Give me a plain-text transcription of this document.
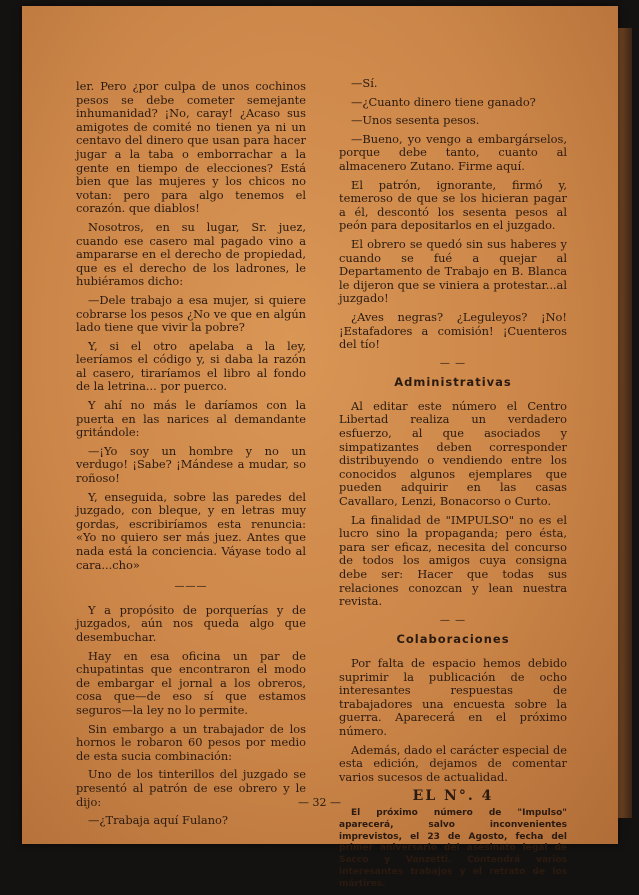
ler. Pero ¿por culpa de unos cochinos pesos se debe cometer semejante inhumanidad? ¡No, caray! ¿Acaso sus amigotes de comité no tienen ya ni un centavo del dinero que usan para hacer jugar a la taba o emborrachar a la gente en tiempo de elecciones? Está bien que las mujeres y los chicos no votan: pero para algo tenemos el corazón. que diablos!

Nosotros, en su lugar, Sr. juez, cuando ese casero mal pagado vino a ampararse en el derecho de propiedad, que es el derecho de los ladrones, le hubiéramos dicho:

—Dele trabajo a esa mujer, si quiere cobrarse los pesos ¿No ve que en algún lado tiene que vivir la pobre?

Y, si el otro apelaba a la ley, leeríamos el código y, si daba la razón al casero, tiraríamos el libro al fondo de la letrina... por puerco.

Y ahí no más le daríamos con la puerta en las narices al demandante gritándole:

—¡Yo soy un hombre y no un verdugo! ¡Sabe? ¡Mándese a mudar, so roñoso!

Y, enseguida, sobre las paredes del juzgado, con bleque, y en letras muy gordas, escribiríamos esta renuncia: «Yo no quiero ser más juez. Antes que nada está la conciencia. Váyase todo al cara...cho»

———

Y a propósito de porquerías y de juzgados, aún nos queda algo que desembuchar.

Hay en esa oficina un par de chupatintas que encontraron el modo de embargar el jornal a los obreros, cosa que—de eso sí que estamos seguros—la ley no lo permite.

Sin embargo a un trabajador de los hornos le robaron 60 pesos por medio de esta sucia combinación:

Uno de los tinterillos del juzgado se presentó al patrón de ese obrero y le dijo:

—¿Trabaja aquí Fulano?

—Sí.

—¿Cuanto dinero tiene ganado?

—Unos sesenta pesos.

—Bueno, yo vengo a embargárselos, porque debe tanto, cuanto al almacenero Zutano. Firme aquí.

El patrón, ignorante, firmó y, temeroso de que se los hicieran pagar a él, descontó los sesenta pesos al peón para depositarlos en el juzgado.

El obrero se quedó sin sus haberes y cuando se fué a quejar al Departamento de Trabajo en B. Blanca le dijeron que se viniera a protestar...al juzgado!

¿Aves negras? ¿Leguleyos? ¡No! ¡Estafadores a comisión! ¡Cuenteros del tío!

— —
Administrativas

Al editar este número el Centro Libertad realiza un verdadero esfuerzo, al que asociados y simpatizantes deben corresponder distribuyendo o vendiendo entre los conocidos algunos ejemplares que pueden adquirir en las casas Cavallaro, Lenzi, Bonacorso o Curto.

La finalidad de "IMPULSO" no es el lucro sino la propaganda; pero ésta, para ser eficaz, necesita del concurso de todos los amigos cuya consigna debe ser: Hacer que todas sus relaciones conozcan y lean nuestra revista.

— —
Colaboraciones

Por falta de espacio hemos debido suprimir la publicación de ocho interesantes respuestas de trabajadores una encuesta sobre la guerra. Aparecerá en el próximo número.

Además, dado el carácter especial de esta edición, dejamos de comentar varios sucesos de actualidad.

EL N°. 4

El próximo número de "Impulso" aparecerá, salvo inconvenientes imprevistos, el 23 de Agosto, fecha del primer aniversario del asesinato legal de Sacco y Vanzetti. Contendrá varios interesantes trabajos y el retrato de los mártires.

— 32 —
